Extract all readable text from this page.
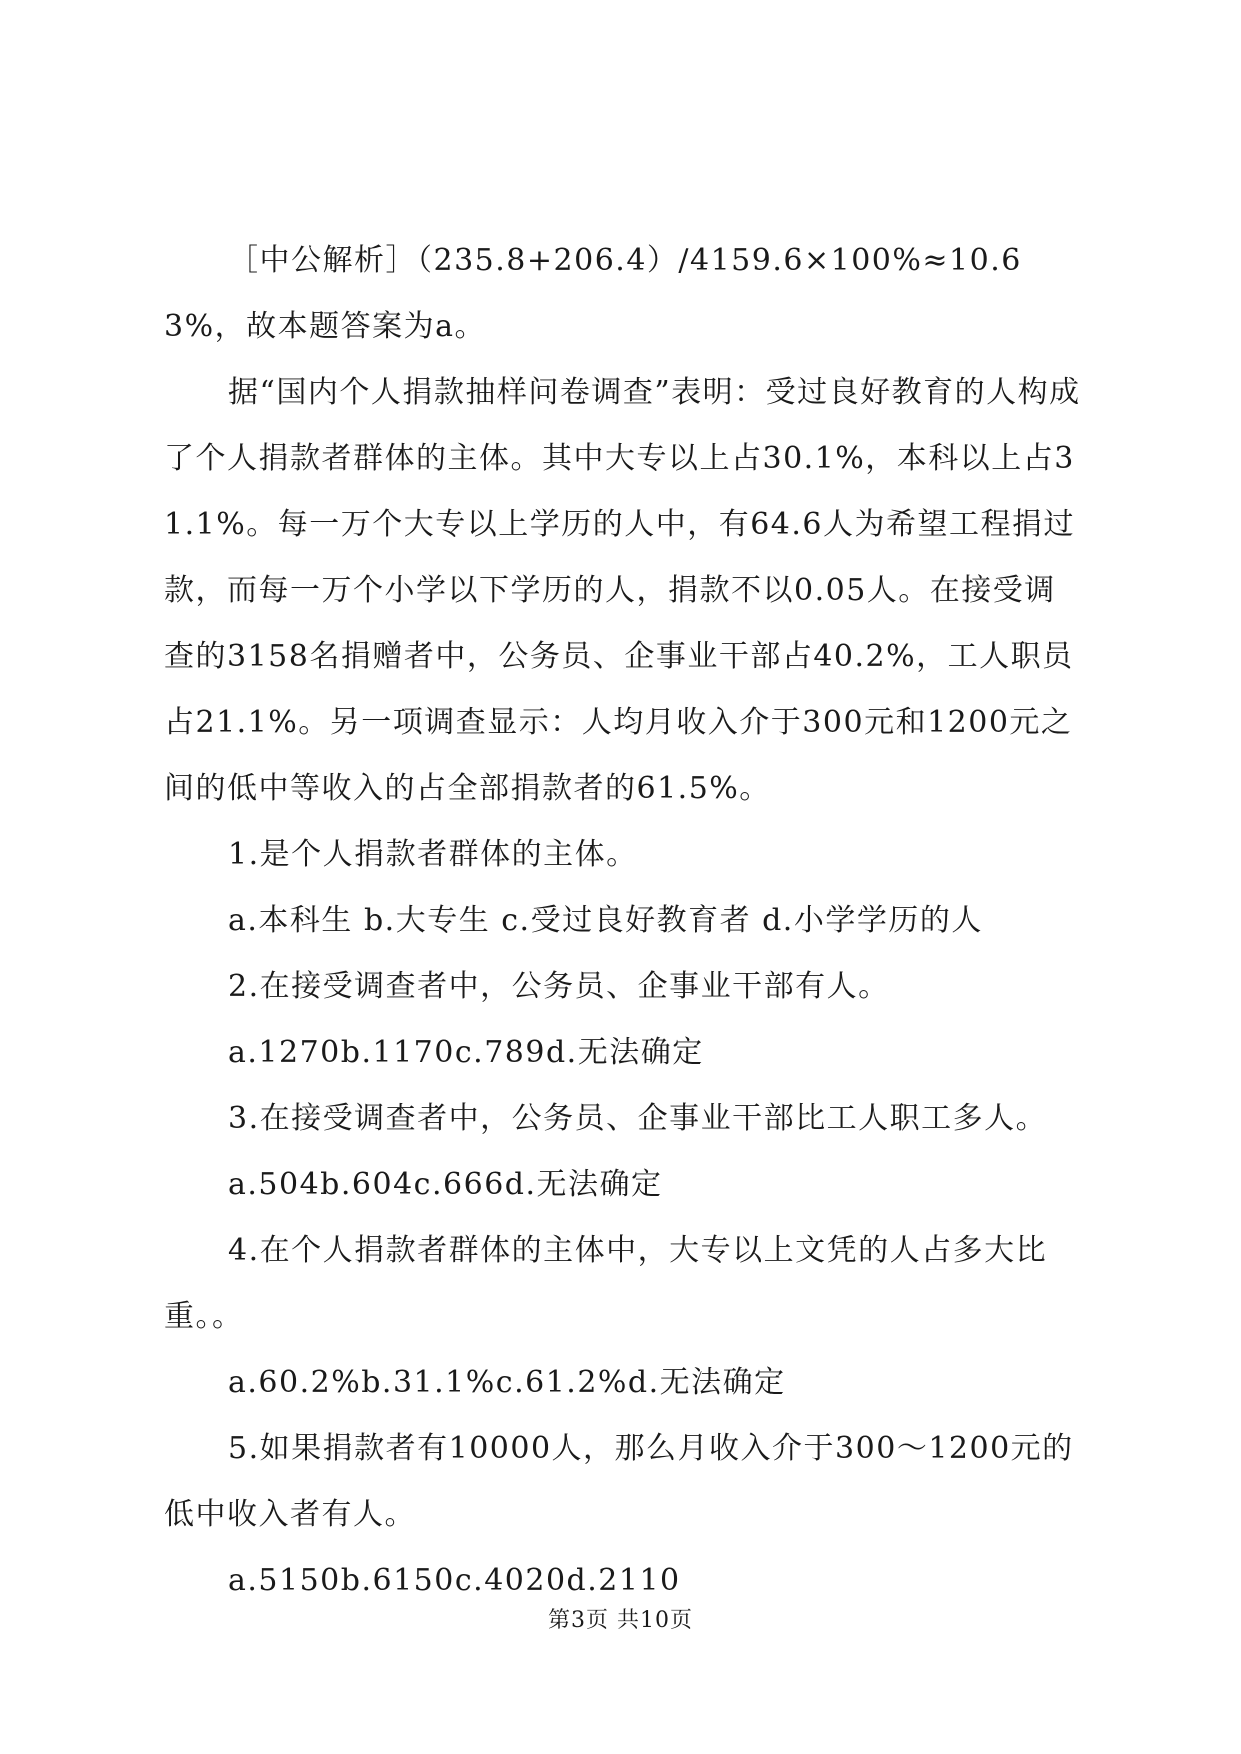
［中公解析］（235.8+206.4）/4159.6×100%≈10.63%，故本题答案为a。

据“国内个人捐款抽样问卷调查”表明：受过良好教育的人构成了个人捐款者群体的主体。其中大专以上占30.1%，本科以上占31.1%。每一万个大专以上学历的人中，有64.6人为希望工程捐过款，而每一万个小学以下学历的人，捐款不以0.05人。在接受调查的3158名捐赠者中，公务员、企事业干部占40.2%，工人职员占21.1%。另一项调查显示：人均月收入介于300元和1200元之间的低中等收入的占全部捐款者的61.5%。

1.是个人捐款者群体的主体。

a.本科生 b.大专生 c.受过良好教育者 d.小学学历的人

2.在接受调查者中，公务员、企事业干部有人。

a.1270b.1170c.789d.无法确定

3.在接受调查者中，公务员、企事业干部比工人职工多人。

a.504b.604c.666d.无法确定

4.在个人捐款者群体的主体中，大专以上文凭的人占多大比重。。

a.60.2%b.31.1%c.61.2%d.无法确定

5.如果捐款者有10000人，那么月收入介于300～1200元的低中收入者有人。

a.5150b.6150c.4020d.2110

第3页 共10页
